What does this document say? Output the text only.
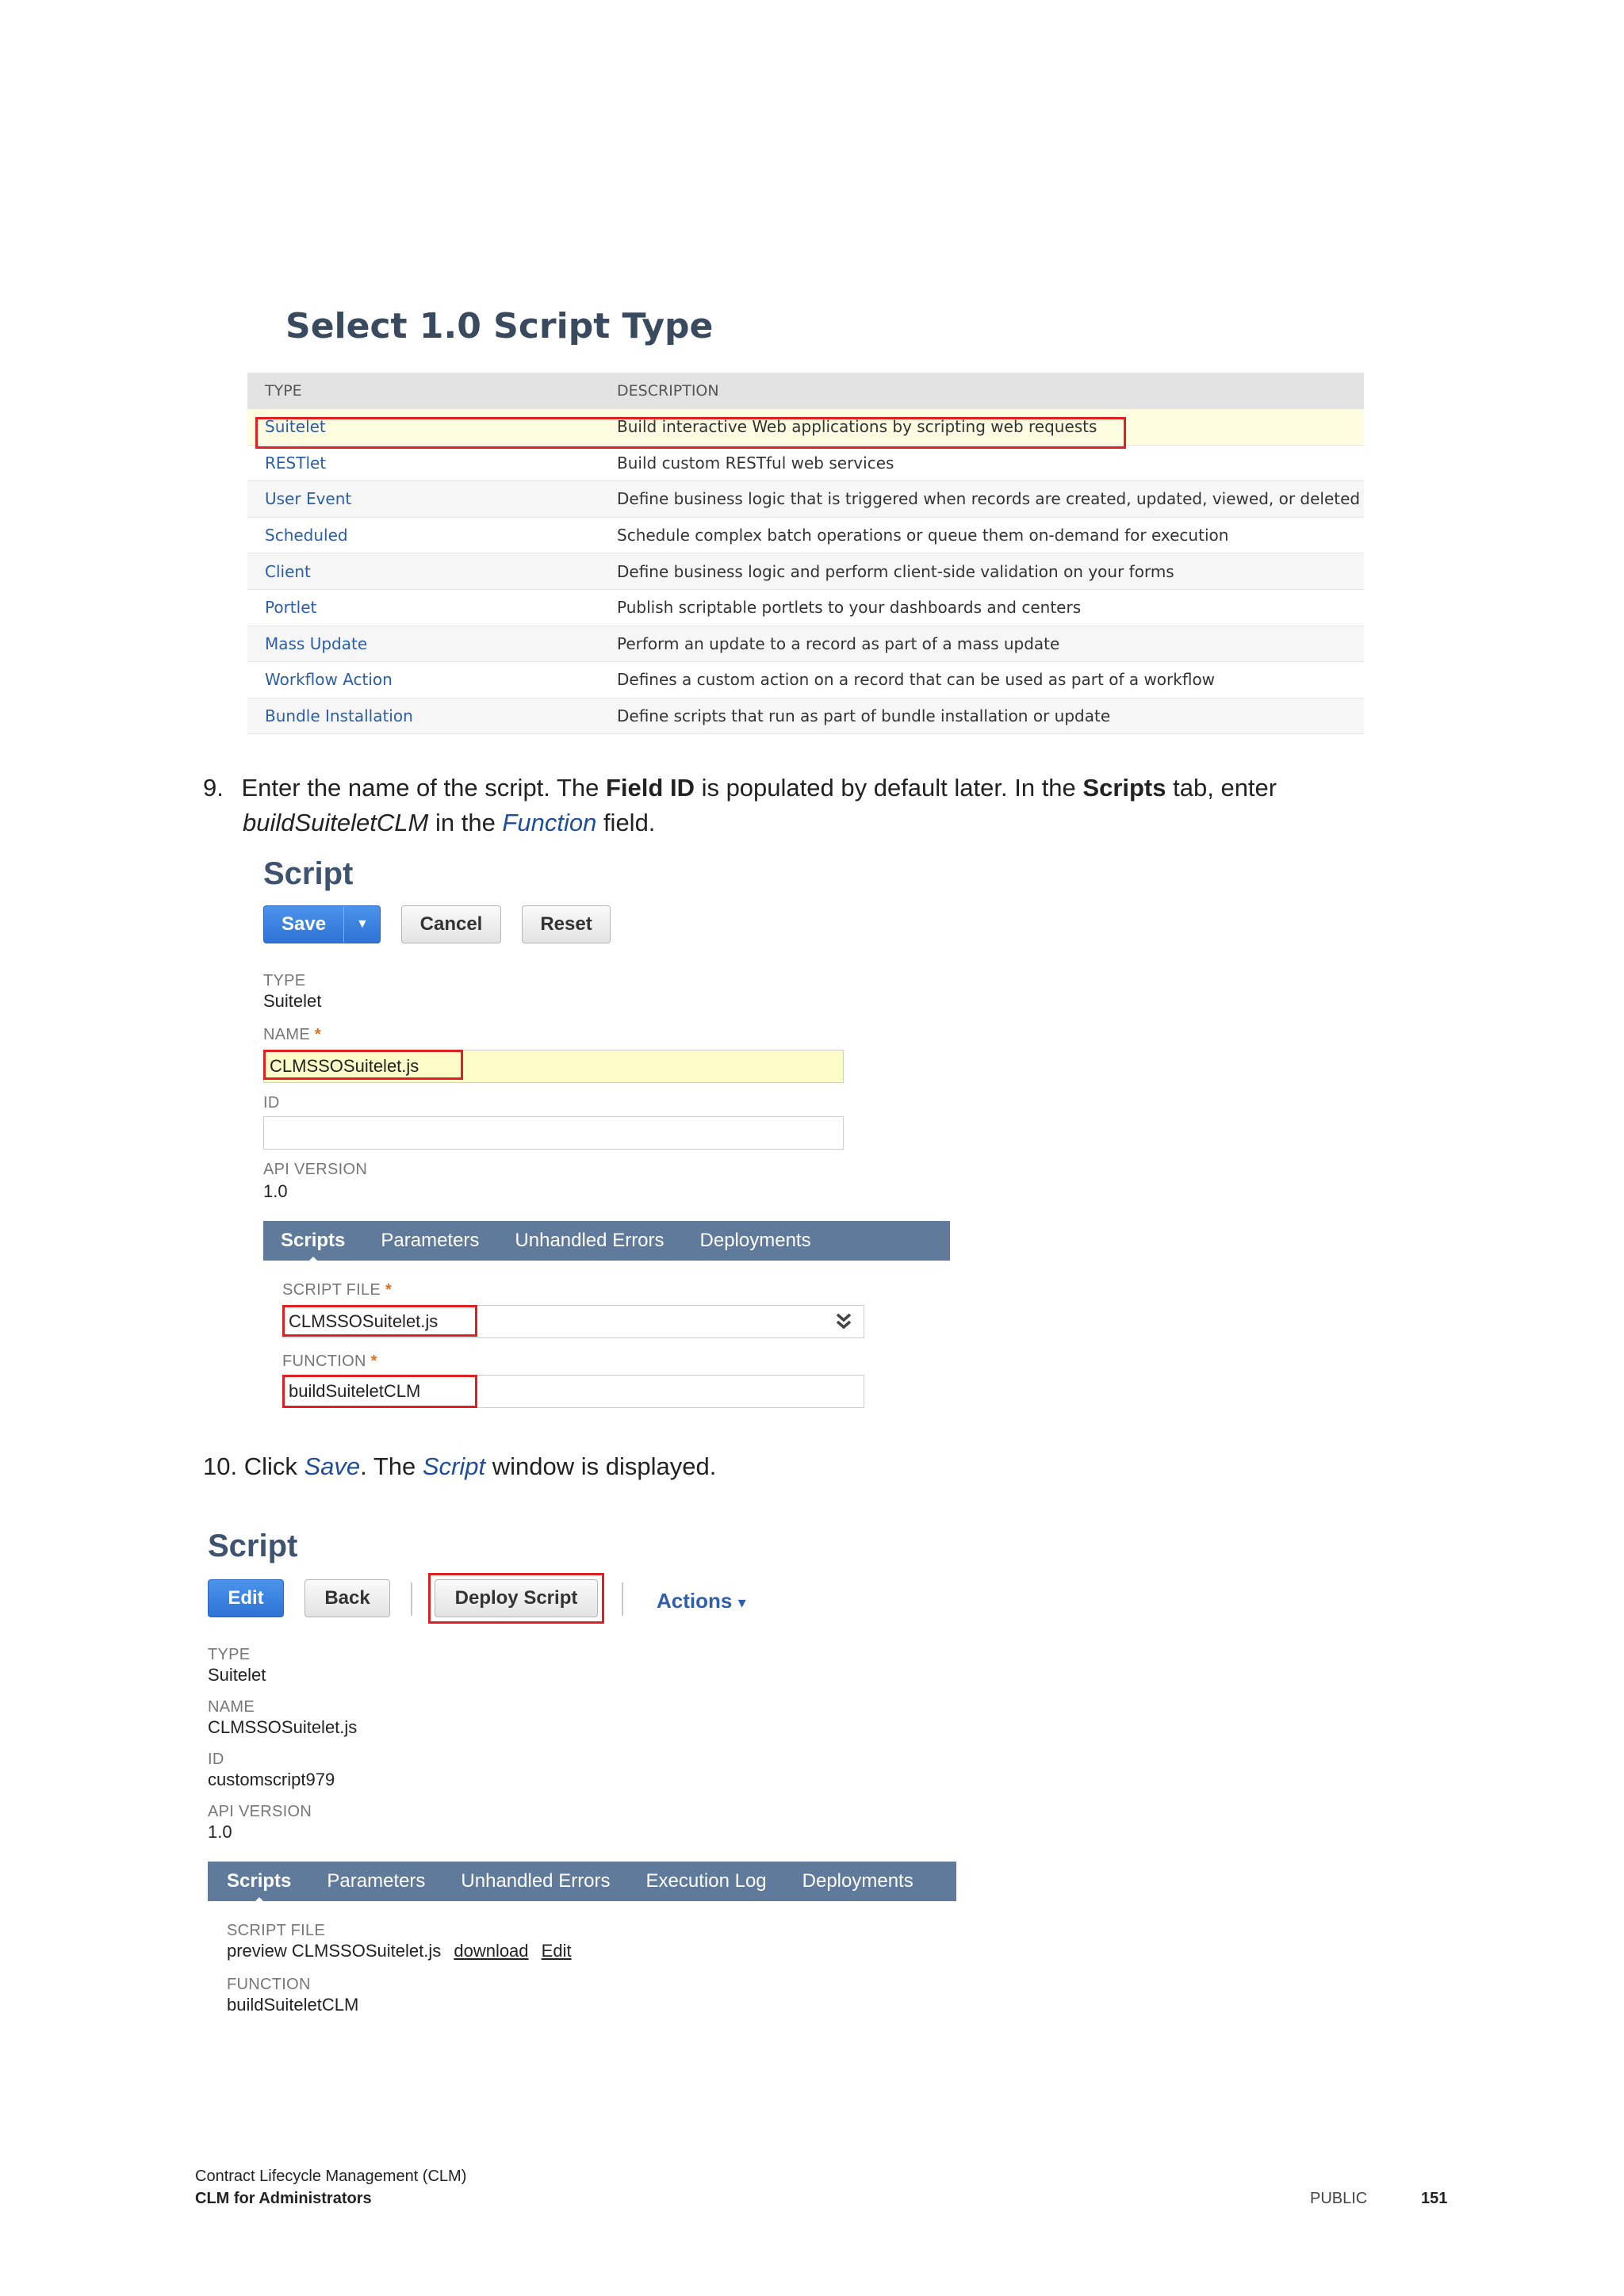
Select 1.0 Script Type
TYPE	DESCRIPTION
Suitelet	Build interactive Web applications by scripting web requests
RESTlet	Build custom RESTful web services
User Event	Define business logic that is triggered when records are created, updated, viewed, or deleted
Scheduled	Schedule complex batch operations or queue them on-demand for execution
Client	Define business logic and perform client-side validation on your forms
Portlet	Publish scriptable portlets to your dashboards and centers
Mass Update	Perform an update to a record as part of a mass update
Workflow Action	Defines a custom action on a record that can be used as part of a workflow
Bundle Installation	Define scripts that run as part of bundle installation or update
9. Enter the name of the script. The Field ID is populated by default later. In the Scripts tab, enter
buildSuiteletCLM in the Function field.
Script
Save ▼	Cancel	Reset
TYPE
Suitelet
NAME *
CLMSSOSuitelet.js
ID
API VERSION
1.0
Scripts Parameters Unhandled Errors Deployments
SCRIPT FILE *
CLMSSOSuitelet.js
FUNCTION *
buildSuiteletCLM
10. Click Save. The Script window is displayed.
Script
Edit	Back	Deploy Script	Actions ▾
TYPE
Suitelet
NAME
CLMSSOSuitelet.js
ID
customscript979
API VERSION
1.0
Scripts Parameters Unhandled Errors Execution Log Deployments
SCRIPT FILE
preview CLMSSOSuitelet.js download Edit
FUNCTION
buildSuiteletCLM
Contract Lifecycle Management (CLM)
CLM for Administrators	PUBLIC	151
